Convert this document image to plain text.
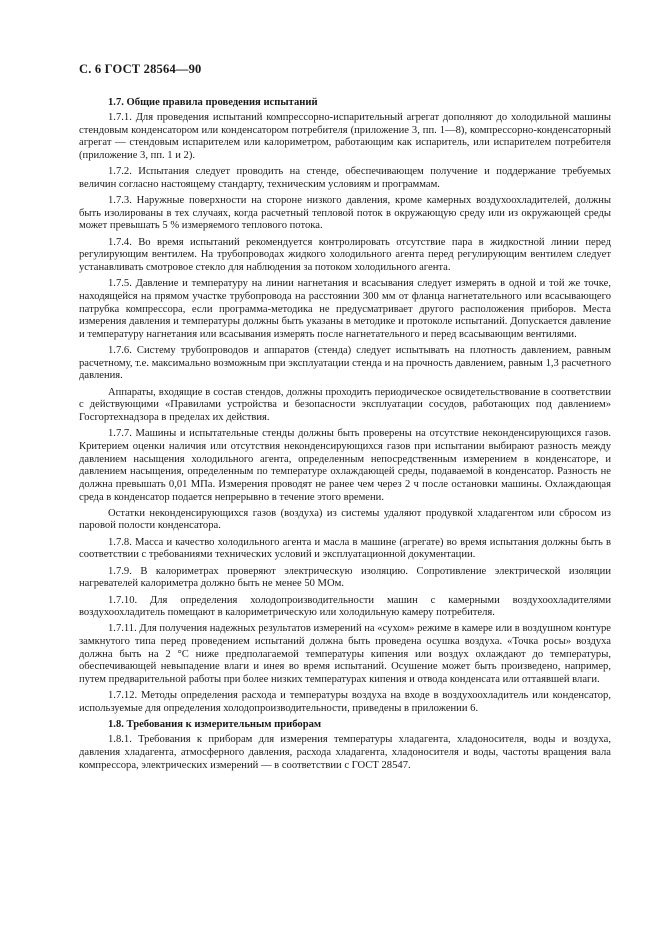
С. 6 ГОСТ 28564—90
1.7. Общие правила проведения испытаний

1.7.1. Для проведения испытаний компрессорно-испарительный агрегат дополняют до холодильной машины стендовым конденсатором или конденсатором потребителя (приложение 3, пп. 1—8), компрессорно-конденсаторный агрегат — стендовым испарителем или калориметром, работающим как испаритель, или испарителем потребителя (приложение 3, пп. 1 и 2).

1.7.2. Испытания следует проводить на стенде, обеспечивающем получение и поддержание требуемых величин согласно настоящему стандарту, техническим условиям и программам.

1.7.3. Наружные поверхности на стороне низкого давления, кроме камерных воздухоохладителей, должны быть изолированы в тех случаях, когда расчетный тепловой поток в окружающую среду или из окружающей среды может превышать 5 % измеряемого теплового потока.

1.7.4. Во время испытаний рекомендуется контролировать отсутствие пара в жидкостной линии перед регулирующим вентилем. На трубопроводах жидкого холодильного агента перед регулирующим вентилем следует устанавливать смотровое стекло для наблюдения за потоком холодильного агента.

1.7.5. Давление и температуру на линии нагнетания и всасывания следует измерять в одной и той же точке, находящейся на прямом участке трубопровода на расстоянии 300 мм от фланца нагнетательного или всасывающего патрубка компрессора, если программа-методика не предусматривает другого расположения приборов. Места измерения давления и температуры должны быть указаны в методике и протоколе испытаний. Допускается давление и температуру нагнетания или всасывания измерять после нагнетательного и перед всасывающим вентилями.

1.7.6. Систему трубопроводов и аппаратов (стенда) следует испытывать на плотность давлением, равным расчетному, т.е. максимально возможным при эксплуатации стенда и на прочность давлением, равным 1,3 расчетного давления.

Аппараты, входящие в состав стендов, должны проходить периодическое освидетельствование в соответствии с действующими «Правилами устройства и безопасности эксплуатации сосудов, работающих под давлением» Госгортехнадзора в пределах их действия.

1.7.7. Машины и испытательные стенды должны быть проверены на отсутствие неконденсирующихся газов. Критерием оценки наличия или отсутствия неконденсирующихся газов при испытании выбирают разность между давлением насыщения холодильного агента, определенным непосредственным измерением в конденсаторе, и давлением насыщения, определенным по температуре охлаждающей среды, подаваемой в конденсатор. Разность не должна превышать 0,01 МПа. Измерения проводят не ранее чем через 2 ч после остановки машины. Охлаждающая среда в конденсатор подается непрерывно в течение этого времени.

Остатки неконденсирующихся газов (воздуха) из системы удаляют продувкой хладагентом или сбросом из паровой полости конденсатора.

1.7.8. Масса и качество холодильного агента и масла в машине (агрегате) во время испытания должны быть в соответствии с требованиями технических условий и эксплуатационной документации.

1.7.9. В калориметрах проверяют электрическую изоляцию. Сопротивление электрической изоляции нагревателей калориметра должно быть не менее 50 МОм.

1.7.10. Для определения холодопроизводительности машин с камерными воздухоохладителями воздухоохладитель помещают в калориметрическую или холодильную камеру потребителя.

1.7.11. Для получения надежных результатов измерений на «сухом» режиме в камере или в воздушном контуре замкнутого типа перед проведением испытаний должна быть проведена осушка воздуха. «Точка росы» воздуха должна быть на 2 °С ниже предполагаемой температуры кипения или воздух охлаждают до температуры, обеспечивающей невыпадение влаги и инея во время испытаний. Осушение может быть произведено, например, путем предварительной работы при более низких температурах кипения и отвода конденсата или оттаявшей влаги.

1.7.12. Методы определения расхода и температуры воздуха на входе в воздухоохладитель или конденсатор, используемые для определения холодопроизводительности, приведены в приложении 6.

1.8. Требования к измерительным приборам

1.8.1. Требования к приборам для измерения температуры хладагента, хладоносителя, воды и воздуха, давления хладагента, атмосферного давления, расхода хладагента, хладоносителя и воды, частоты вращения вала компрессора, электрических измерений — в соответствии с ГОСТ 28547.
